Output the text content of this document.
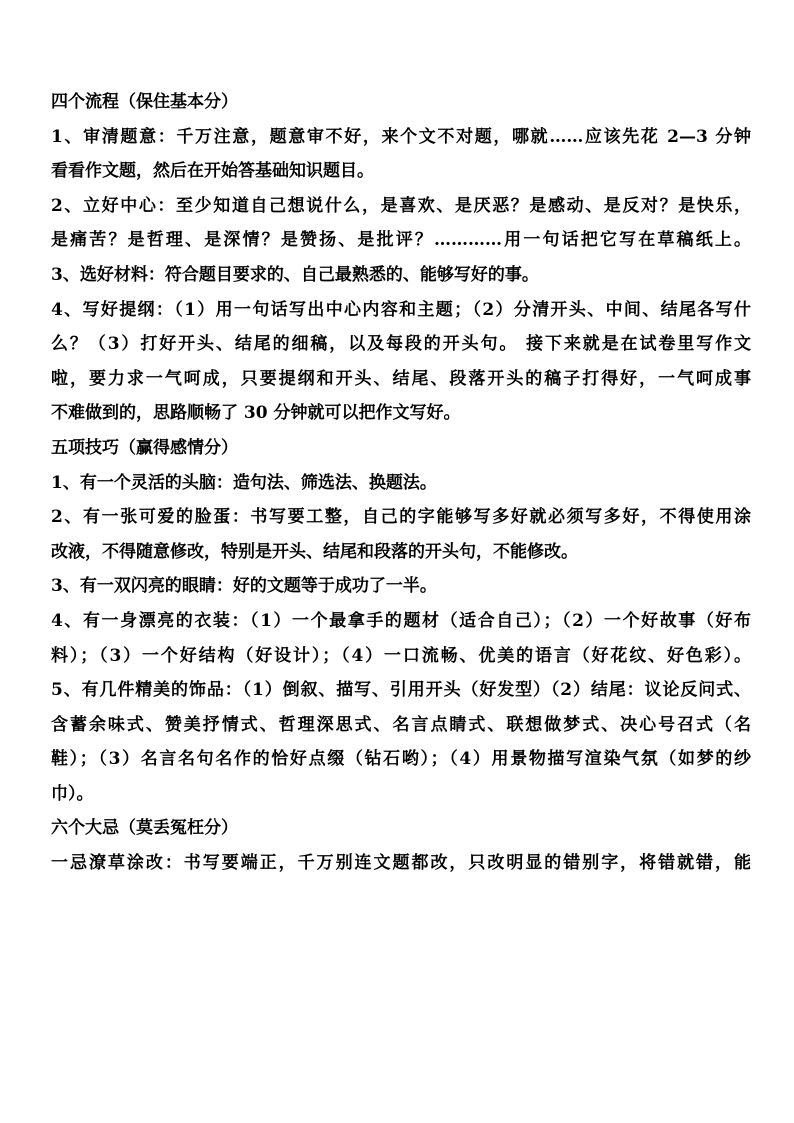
四个流程（保住基本分）
1、审清题意：千万注意，题意审不好，来个文不对题，哪就……应该先花 2—3 分钟
看看作文题，然后在开始答基础知识题目。
2、立好中心：至少知道自己想说什么，是喜欢、是厌恶？是感动、是反对？是快乐，
是痛苦？是哲理、是深情？是赞扬、是批评？…………用一句话把它写在草稿纸上。
3、选好材料：符合题目要求的、自己最熟悉的、能够写好的事。
4、写好提纲：（1）用一句话写出中心内容和主题；（2）分清开头、中间、结尾各写什
么？（3）打好开头、结尾的细稿，以及每段的开头句。 接下来就是在试卷里写作文
啦，要力求一气呵成，只要提纲和开头、结尾、段落开头的稿子打得好，一气呵成事
不难做到的，思路顺畅了 30 分钟就可以把作文写好。
五项技巧（赢得感情分）
1、有一个灵活的头脑：造句法、筛选法、换题法。
2、有一张可爱的脸蛋：书写要工整，自己的字能够写多好就必须写多好，不得使用涂
改液，不得随意修改，特别是开头、结尾和段落的开头句，不能修改。
3、有一双闪亮的眼睛：好的文题等于成功了一半。
4、有一身漂亮的衣装：（1）一个最拿手的题材（适合自己）；（2）一个好故事（好布
料）；（3）一个好结构（好设计）；（4）一口流畅、优美的语言（好花纹、好色彩）。
5、有几件精美的饰品：（1）倒叙、描写、引用开头（好发型）（2）结尾：议论反问式、
含蓄余味式、赞美抒情式、哲理深思式、名言点睛式、联想做梦式、决心号召式（名
鞋）；（3）名言名句名作的恰好点缀（钻石哟）；（4）用景物描写渲染气氛（如梦的纱
巾）。
六个大忌（莫丢冤枉分）
一忌潦草涂改：书写要端正，千万别连文题都改，只改明显的错别字，将错就错，能
